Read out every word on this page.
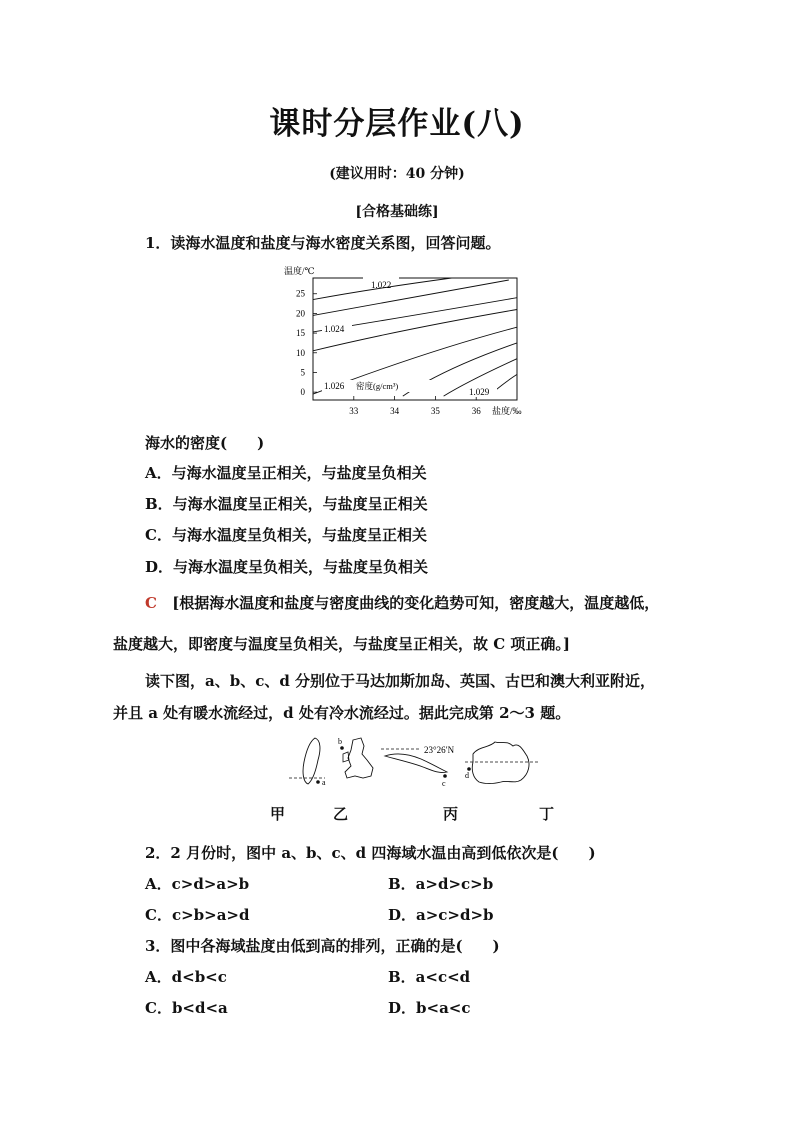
课时分层作业(八)
(建议用时：40 分钟)
[合格基础练]
1．读海水温度和盐度与海水密度关系图，回答问题。
温度/℃
25
20
15
10
5
0
33	34	35	36
1.022
1.024
1.026 密度(g/cm³)
1.029
盐度/‰
海水的密度(　　)
A．与海水温度呈正相关，与盐度呈负相关
B．与海水温度呈正相关，与盐度呈正相关
C．与海水温度呈负相关，与盐度呈正相关
D．与海水温度呈负相关，与盐度呈负相关
C [根据海水温度和盐度与密度曲线的变化趋势可知，密度越大，温度越低，
盐度越大，即密度与温度呈负相关，与盐度呈正相关，故 C 项正确。]
读下图，a、b、c、d 分别位于马达加斯加岛、英国、古巴和澳大利亚附近，
并且 a 处有暖水流经过，d 处有冷水流经过。据此完成第 2～3 题。
a
b
23°26′N
c
d
甲	乙	丙	丁
2．2 月份时，图中 a、b、c、d 四海域水温由高到低依次是(　　)
A．c>d>a>b	B．a>d>c>b
C．c>b>a>d	D．a>c>d>b
3．图中各海域盐度由低到高的排列，正确的是(　　)
A．d<b<c	B．a<c<d
C．b<d<a	D．b<a<c
